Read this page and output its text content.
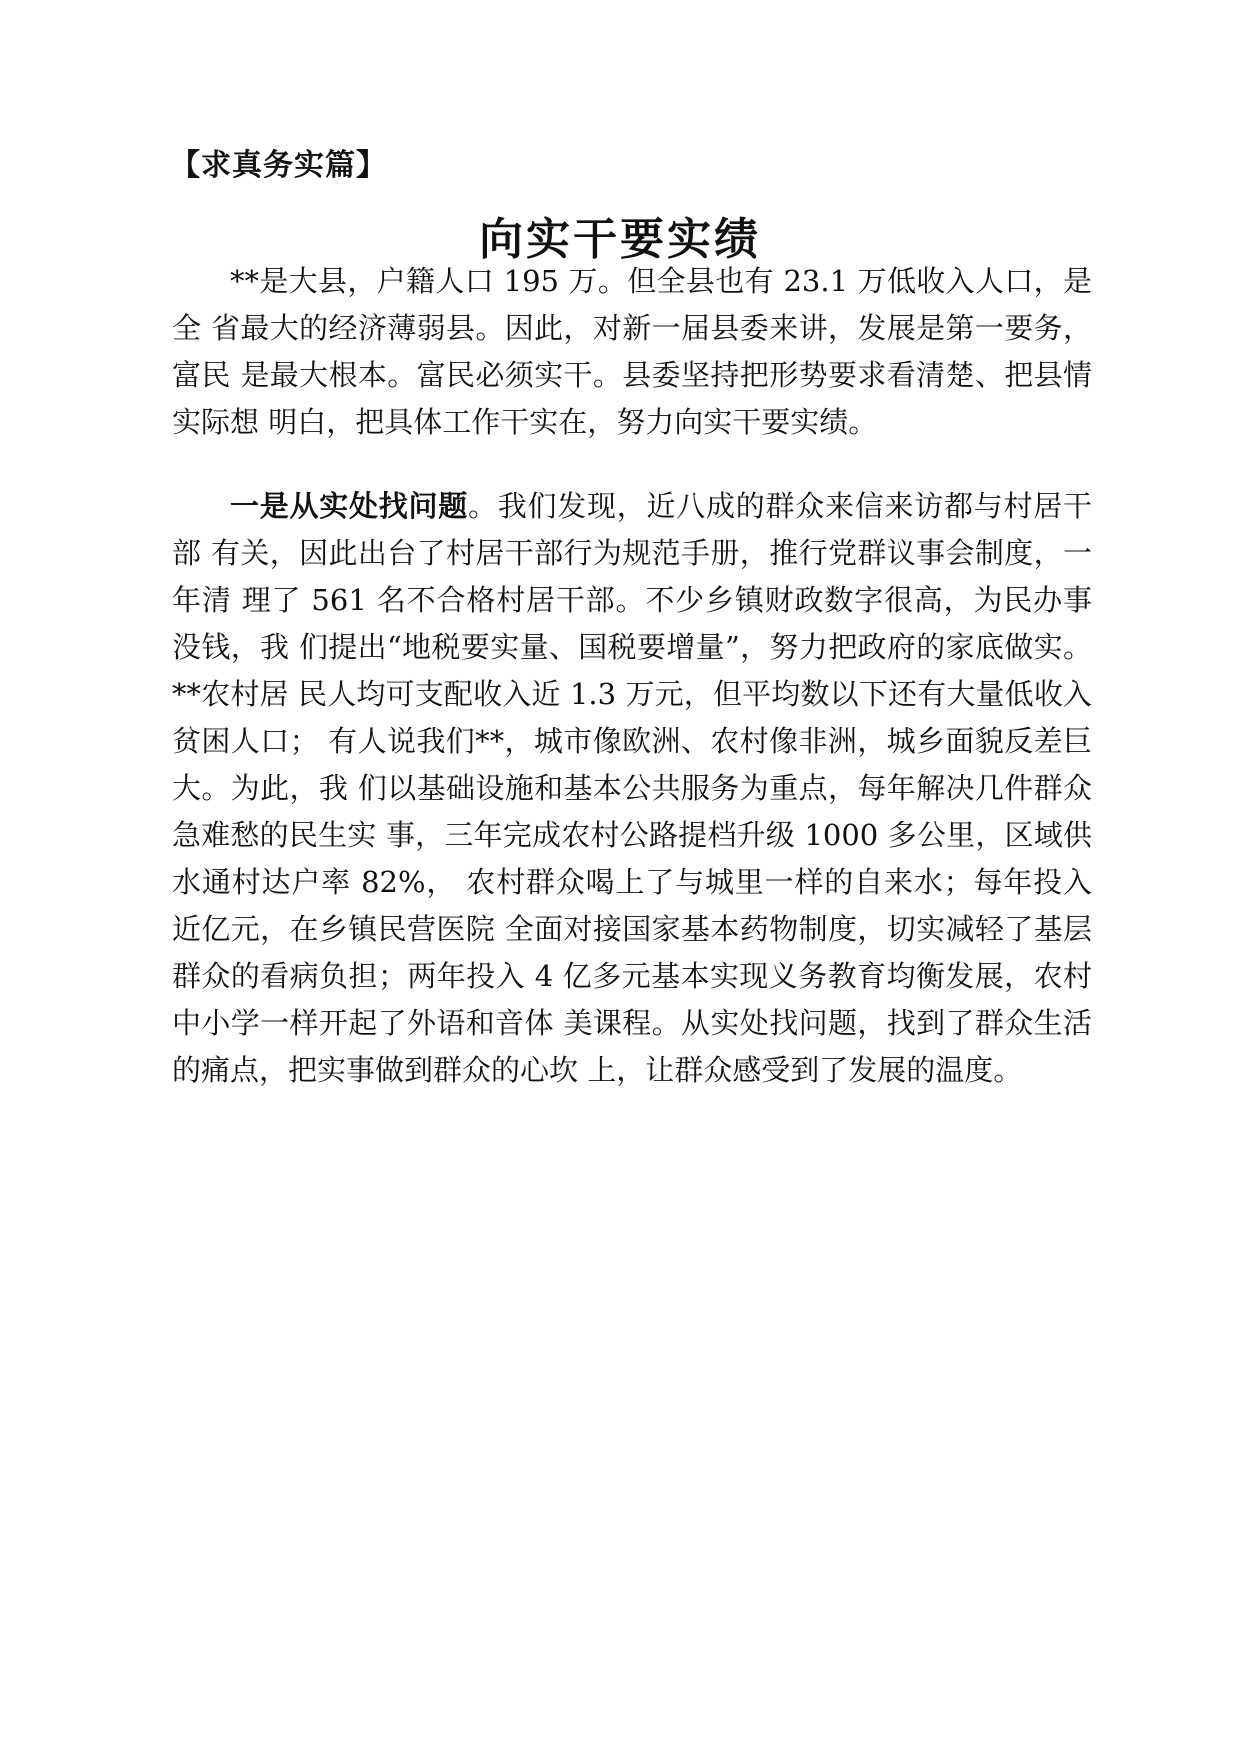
【求真务实篇】
向实干要实绩

**是大县，户籍人口 195 万。但全县也有 23.1 万低收入人口，是全 省最大的经济薄弱县。因此，对新一届县委来讲，发展是第一要务，富民 是最大根本。富民必须实干。县委坚持把形势要求看清楚、把县情实际想 明白，把具体工作干实在，努力向实干要实绩。

一是从实处找问题。我们发现，近八成的群众来信来访都与村居干部 有关，因此出台了村居干部行为规范手册，推行党群议事会制度，一年清 理了 561 名不合格村居干部。不少乡镇财政数字很高，为民办事没钱，我 们提出“地税要实量、国税要增量”，努力把政府的家底做实。**农村居 民人均可支配收入近 1.3 万元，但平均数以下还有大量低收入贫困人口； 有人说我们**，城市像欧洲、农村像非洲，城乡面貌反差巨大。为此，我 们以基础设施和基本公共服务为重点，每年解决几件群众急难愁的民生实 事，三年完成农村公路提档升级 1000 多公里，区域供水通村达户率 82%， 农村群众喝上了与城里一样的自来水；每年投入近亿元，在乡镇民营医院 全面对接国家基本药物制度，切实减轻了基层群众的看病负担；两年投入 4 亿多元基本实现义务教育均衡发展，农村中小学一样开起了外语和音体 美课程。从实处找问题，找到了群众生活的痛点，把实事做到群众的心坎 上，让群众感受到了发展的温度。
